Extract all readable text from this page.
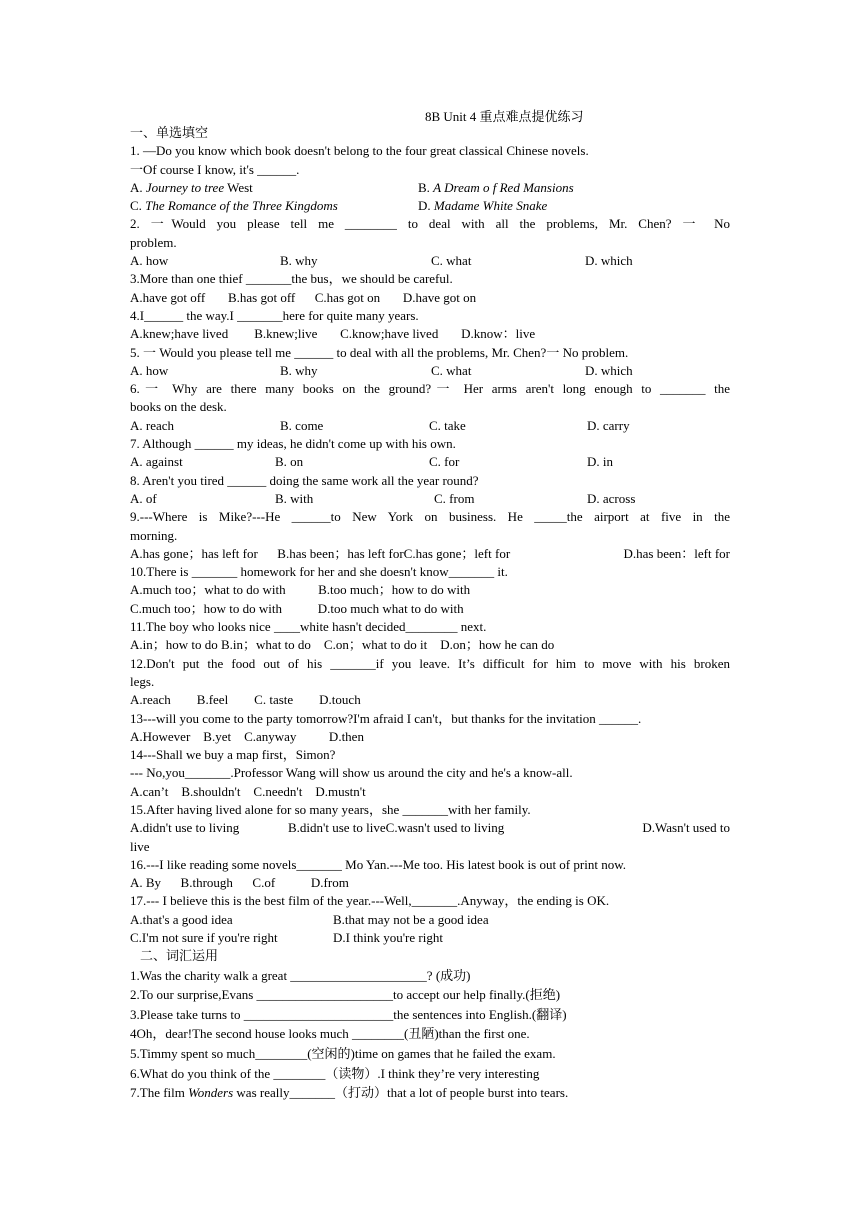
8B Unit 4 重点难点提优练习
一、单选填空
1. —Do you know which book doesn't belong to the four great classical Chinese novels.
一Of course I know, it's ______.
A. Journey to tree West	B. A Dream o f Red Mansions
C. The Romance of the Three Kingdoms	D. Madame White Snake
2. 一Would you please tell me ________ to deal with all the problems, Mr. Chen? 一 No
problem.
A. how	B. why	C. what	D. which
3.More than one thief _______the bus，we should be careful.
A.have got off       B.has got off      C.has got on       D.have got on
4.I______ the way.I _______here for quite many years.
A.knew;have lived        B.knew;live       C.know;have lived       D.know：live
5. 一 Would you please tell me ______ to deal with all the problems, Mr. Chen?一 No problem.
A. how	B. why	C. what	D. which
6.一 Why are there many books on the ground?一 Her arms aren't long enough to _______ the
books on the desk.
A. reach	B. come	C. take	D. carry
7. Although ______ my ideas, he didn't come up with his own.
A. against	B. on	C. for	D. in
8. Aren't you tired ______ doing the same work all the year round?
A. of	B. with	C. from	D. across
9.---Where is Mike?---He ______to New York on business. He _____the airport at five in the
morning.
A.has gone；has left for      B.has been；has left forC.has gone；left for	D.has been：left for
10.There is _______ homework for her and she doesn't know_______ it.
A.much too；what to do with          B.too much；how to do with
C.much too；how to do with           D.too much what to do with
11.The boy who looks nice ____white hasn't decided________ next.
A.in；how to do B.in；what to do    C.on；what to do it    D.on；how he can do
12.Don't put the food out of his _______if you leave. It’s difficult for him to move with his broken
legs.
A.reach        B.feel        C. taste        D.touch
13---will you come to the party tomorrow?I'm afraid I can't，but thanks for the invitation ______.
A.However    B.yet    C.anyway          D.then
14---Shall we buy a map first，Simon?
--- No,you_______.Professor Wang will show us around the city and he's a know-all.
A.can’t    B.shouldn't    C.needn't    D.mustn't
15.After having lived alone for so many years，she _______with her family.
A.didn't use to living               B.didn't use to liveC.wasn't used to living	D.Wasn't used to
live
16.---I like reading some novels_______ Mo Yan.---Me too. His latest book is out of print now.
A. By      B.through      C.of           D.from
17.--- I believe this is the best film of the year.---Well,_______.Anyway，the ending is OK.
A.that's a good idea	B.that may not be a good idea
C.I'm not sure if you're right	D.I think you're right
二、词汇运用
1.Was the charity walk a great _____________________? (成功)
2.To our surprise,Evans _____________________to accept our help finally.(拒绝)
3.Please take turns to _______________________the sentences into English.(翻译)
4Oh，dear!The second house looks much ________(丑陋)than the first one.
5.Timmy spent so much________(空闲的)time on games that he failed the exam.
6.What do you think of the ________（读物）.I think they’re very interesting
7.The film Wonders was really_______（打动）that a lot of people burst into tears.
